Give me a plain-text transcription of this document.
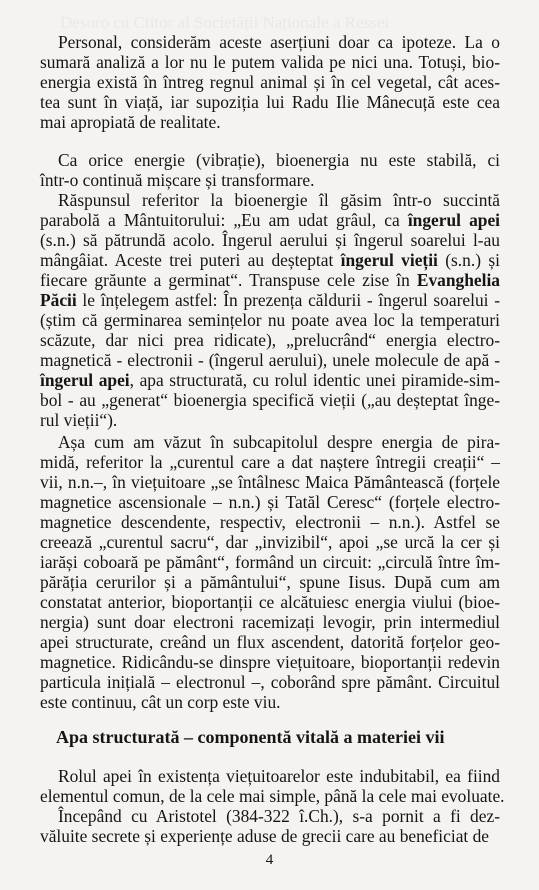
Desoro cu Ctitor al Societății Naționale a Ressei
Personal, considerăm aceste aserțiuni doar ca ipoteze. La o
sumară analiză a lor nu le putem valida pe nici una. Totuși, bio-
energia există în întreg regnul animal și în cel vegetal, cât aces-
tea sunt în viață, iar supoziția lui Radu Ilie Mânecuță este cea
mai apropiată de realitate.
Ca orice energie (vibrație), bioenergia nu este stabilă, ci
într-o continuă mișcare și transformare.
Răspunsul referitor la bioenergie îl găsim într-o succintă
parabolă a Mântuitorului: „Eu am udat grâul, ca îngerul apei
(s.n.) să pătrundă acolo. Îngerul aerului și îngerul soarelui l-au
mângâiat. Aceste trei puteri au deșteptat îngerul vieții (s.n.) și
fiecare grăunte a germinat“. Transpuse cele zise în Evanghelia
Păcii le înțelegem astfel: În prezența căldurii - îngerul soarelui -
(știm că germinarea semințelor nu poate avea loc la temperaturi
scăzute, dar nici prea ridicate), „prelucrând“ energia electro-
magnetică - electronii - (îngerul aerului), unele molecule de apă -
îngerul apei, apa structurată, cu rolul identic unei piramide-sim-
bol - au „generat“ bioenergia specifică vieții („au deșteptat înge-
rul vieții“).
Așa cum am văzut în subcapitolul despre energia de pira-
midă, referitor la „curentul care a dat naștere întregii creații“ –
vii, n.n.–, în viețuitoare „se întâlnesc Maica Pământească (forțele
magnetice ascensionale – n.n.) și Tatăl Ceresc“ (forțele electro-
magnetice descendente, respectiv, electronii – n.n.). Astfel se
creează „curentul sacru“, dar „invizibil“, apoi „se urcă la cer și
iarăși coboară pe pământ“, formând un circuit: „circulă între îm-
părăția cerurilor și a pământului“, spune Iisus. După cum am
constatat anterior, bioportanții ce alcătuiesc energia viului (bioe-
nergia) sunt doar electroni racemizați levogir, prin intermediul
apei structurate, creând un flux ascendent, datorită forțelor geo-
magnetice. Ridicându-se dinspre viețuitoare, bioportanții redevin
particula inițială – electronul –, coborând spre pământ. Circuitul
este continuu, cât un corp este viu.
Rolul apei în existența viețuitoarelor este indubitabil, ea fiind
elementul comun, de la cele mai simple, până la cele mai evoluate.
Începând cu Aristotel (384-322 î.Ch.), s-a pornit a fi dez-
văluite secrete și experiențe aduse de grecii care au beneficiat de
Apa structurată – componentă vitală a materiei vii
4
